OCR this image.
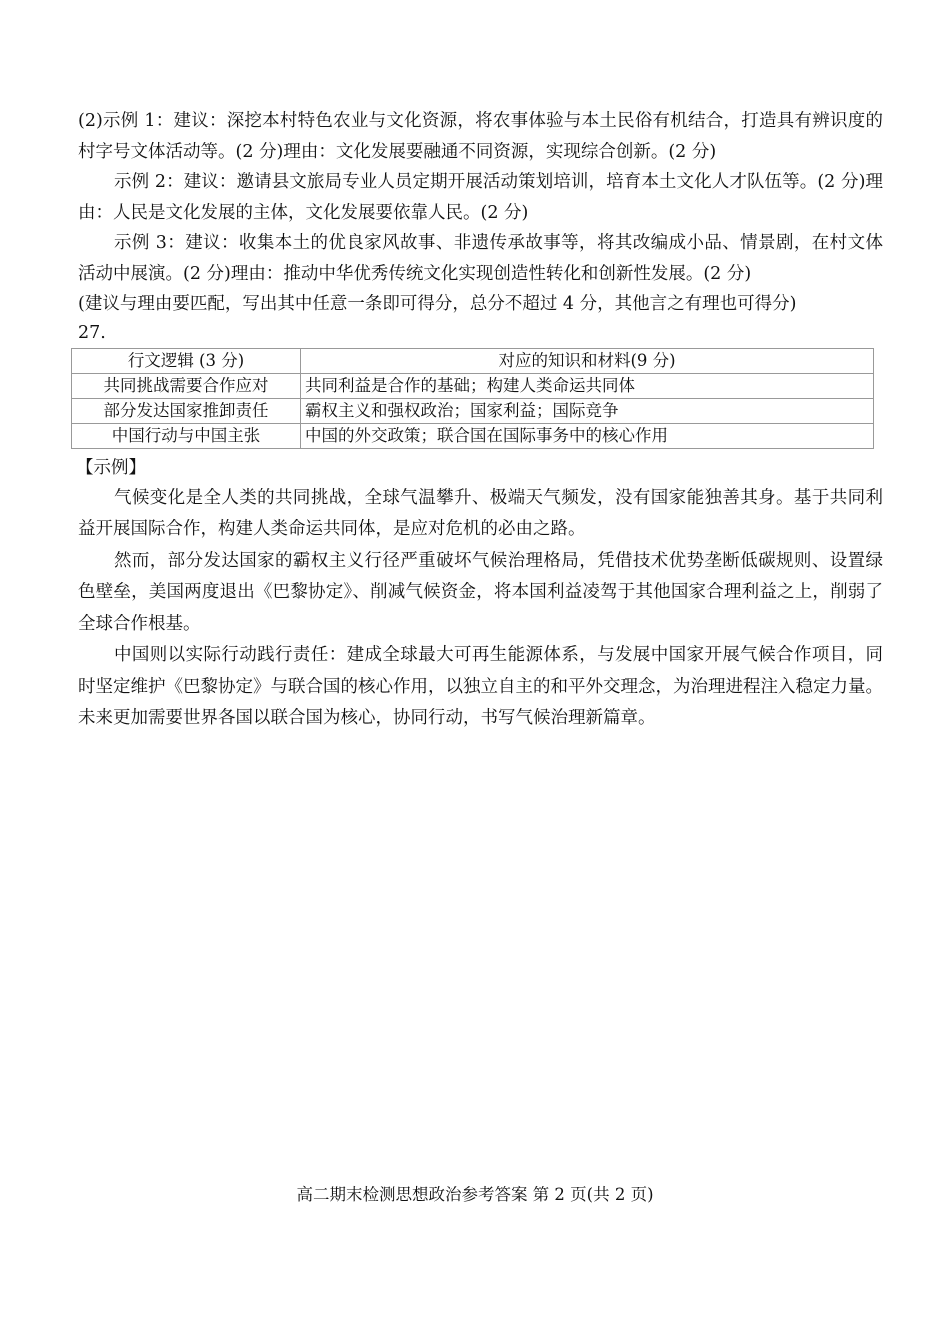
(2)示例 1：建议：深挖本村特色农业与文化资源，将农事体验与本土民俗有机结合，打造具有辨识度的村字号文体活动等。(2 分)理由：文化发展要融通不同资源，实现综合创新。(2 分)

示例 2：建议：邀请县文旅局专业人员定期开展活动策划培训，培育本土文化人才队伍等。(2 分)理由：人民是文化发展的主体，文化发展要依靠人民。(2 分)

示例 3：建议：收集本土的优良家风故事、非遗传承故事等，将其改编成小品、情景剧，在村文体活动中展演。(2 分)理由：推动中华优秀传统文化实现创造性转化和创新性发展。(2 分)

(建议与理由要匹配，写出其中任意一条即可得分，总分不超过 4 分，其他言之有理也可得分)

27.
行文逻辑 (3 分)	对应的知识和材料(9 分)
共同挑战需要合作应对	共同利益是合作的基础；构建人类命运共同体
部分发达国家推卸责任	霸权主义和强权政治；国家利益；国际竞争
中国行动与中国主张	中国的外交政策；联合国在国际事务中的核心作用
【示例】

气候变化是全人类的共同挑战，全球气温攀升、极端天气频发，没有国家能独善其身。基于共同利益开展国际合作，构建人类命运共同体，是应对危机的必由之路。

然而，部分发达国家的霸权主义行径严重破坏气候治理格局，凭借技术优势垄断低碳规则、设置绿色壁垒，美国两度退出《巴黎协定》、削减气候资金，将本国利益凌驾于其他国家合理利益之上，削弱了全球合作根基。

中国则以实际行动践行责任：建成全球最大可再生能源体系，与发展中国家开展气候合作项目，同时坚定维护《巴黎协定》与联合国的核心作用，以独立自主的和平外交理念，为治理进程注入稳定力量。未来更加需要世界各国以联合国为核心，协同行动，书写气候治理新篇章。

高二期末检测思想政治参考答案 第 2 页(共 2 页)
